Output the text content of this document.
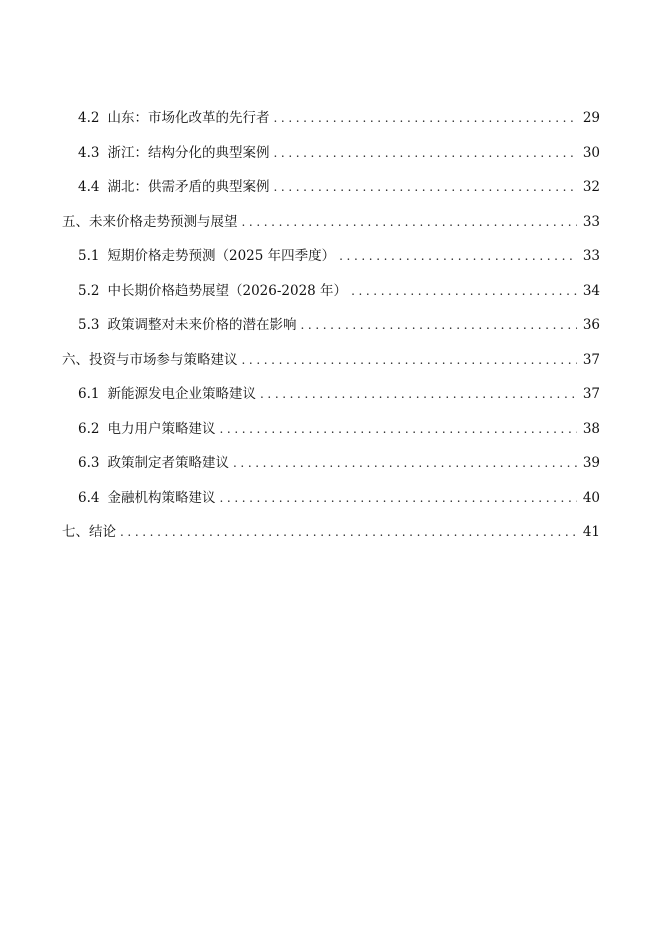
4.2 山东：市场化改革的先行者 .....	29
4.3 浙江：结构分化的典型案例 .....	30
4.4 湖北：供需矛盾的典型案例 .....	32
五、未来价格走势预测与展望 .....	33
5.1 短期价格走势预测（2025 年四季度） .....	33
5.2 中长期价格趋势展望（2026-2028 年） .....	34
5.3 政策调整对未来价格的潜在影响 .....	36
六、投资与市场参与策略建议 .....	37
6.1 新能源发电企业策略建议 .....	37
6.2 电力用户策略建议 .....	38
6.3 政策制定者策略建议 .....	39
6.4 金融机构策略建议 .....	40
七、结论 .....	41
